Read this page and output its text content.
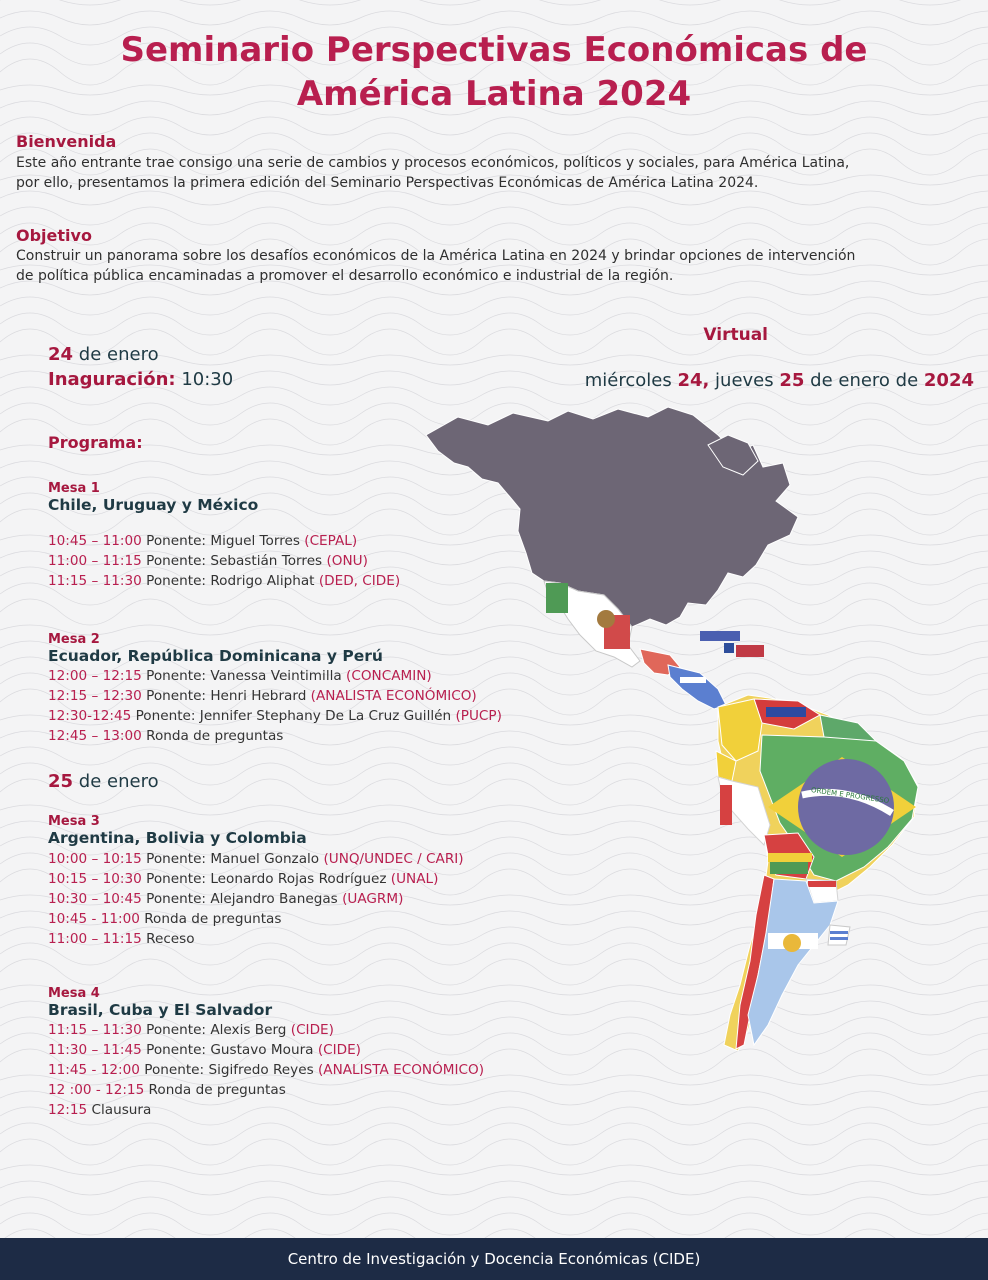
Seminario Perspectivas Económicas de
América Latina 2024
Bienvenida
Este año entrante trae consigo una serie de cambios y procesos económicos, políticos y sociales, para América Latina,
por ello, presentamos la primera edición del Seminario Perspectivas Económicas de América Latina 2024.
Objetivo
Construir un panorama sobre los desafíos económicos de la América Latina en 2024 y brindar opciones de intervención
de política pública encaminadas a promover el desarrollo económico e industrial de la región.
Virtual
miércoles 24, jueves 25 de enero de 2024
24 de enero
Inaguración: 10:30
Programa:
Mesa 1
Chile, Uruguay y México
10:45 – 11:00 Ponente: Miguel Torres (CEPAL)
11:00 – 11:15 Ponente: Sebastián Torres (ONU)
11:15 – 11:30 Ponente: Rodrigo Aliphat (DED, CIDE)
Mesa 2
Ecuador, República Dominicana y Perú
12:00 – 12:15 Ponente: Vanessa Veintimilla (CONCAMIN)
12:15 – 12:30 Ponente: Henri Hebrard (ANALISTA ECONÓMICO)
12:30-12:45 Ponente: Jennifer Stephany De La Cruz Guillén (PUCP)
12:45 – 13:00 Ronda de preguntas
25 de enero
Mesa 3
Argentina, Bolivia y Colombia
10:00 – 10:15 Ponente: Manuel Gonzalo (UNQ/UNDEC / CARI)
10:15 – 10:30 Ponente: Leonardo Rojas Rodríguez (UNAL)
10:30 – 10:45 Ponente: Alejandro Banegas (UAGRM)
10:45 - 11:00 Ronda de preguntas
11:00 – 11:15 Receso
Mesa 4
Brasil, Cuba y El Salvador
11:15 – 11:30 Ponente: Alexis Berg (CIDE)
11:30 – 11:45 Ponente: Gustavo Moura (CIDE)
11:45 - 12:00 Ponente: Sigifredo Reyes (ANALISTA ECONÓMICO)
12 :00 - 12:15 Ronda de preguntas
12:15 Clausura
ORDEM E PROGRESSO
Centro de Investigación y Docencia Económicas (CIDE)
